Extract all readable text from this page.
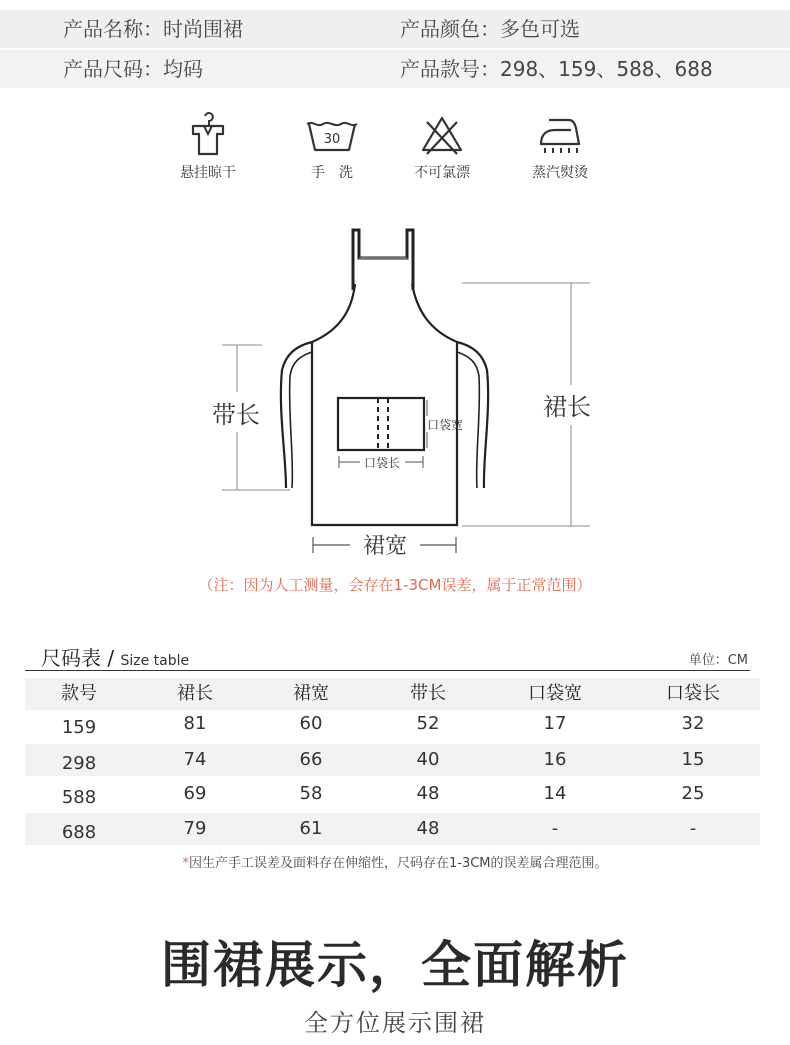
产品名称：时尚围裙	产品颜色：多色可选
产品尺码：均码	产品款号：298、159、588、688
悬挂晾干
30
手　洗	不可氯漂	蒸汽熨烫
带长	裙长
裙宽
口袋宽
口袋长
（注：因为人工测量，会存在1-3CM误差，属于正常范围）
尺码表 / Size table	单位：CM
款号	裙长	裙宽	带长	口袋宽	口袋长
159	81	60	52	17	32
298	74	66	40	16	15
588	69	58	48	14	25
688	79	61	48	-	-
*因生产手工误差及面料存在伸缩性，尺码存在1-3CM的误差属合理范围。
围裙展示，全面解析
全方位展示围裙
